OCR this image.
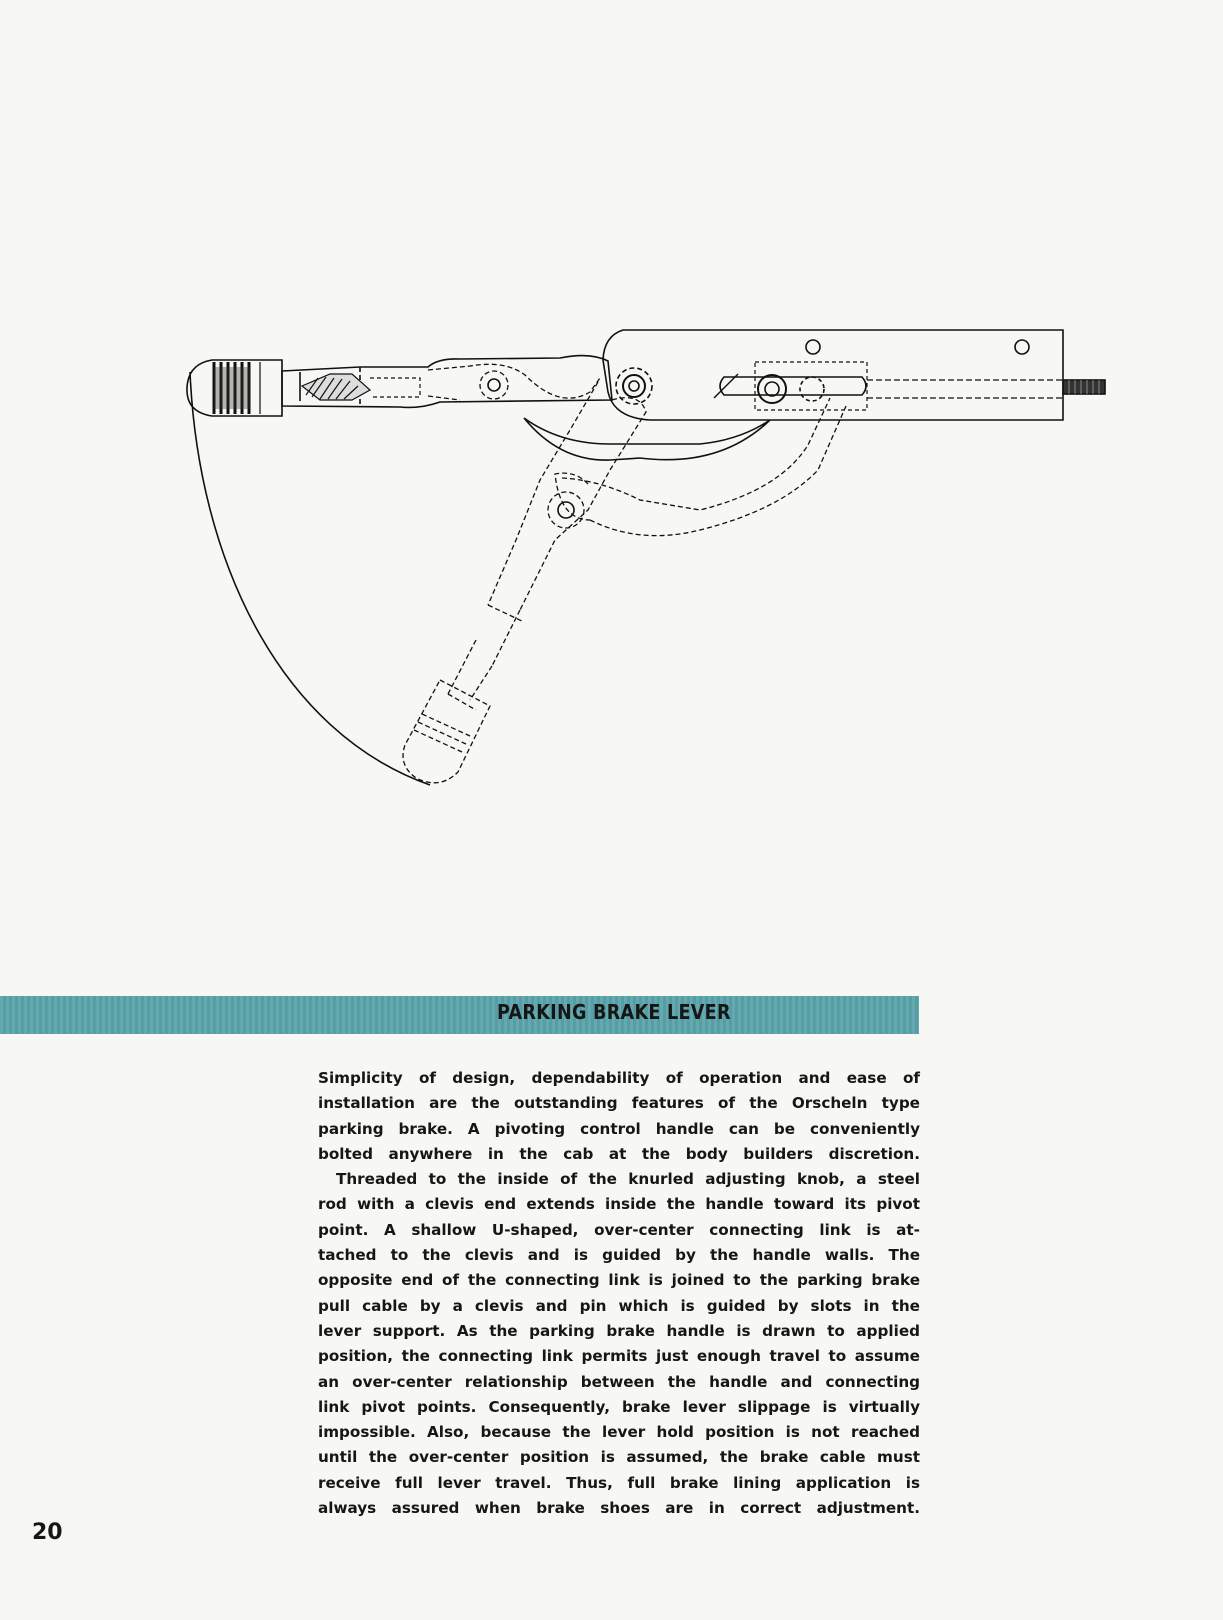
PARKING BRAKE LEVER

Simplicity of design, dependability of operation and ease of

installation are the outstanding features of the Orscheln type

parking brake. A pivoting control handle can be conveniently

bolted anywhere in the cab at the body builders discretion.

Threaded to the inside of the knurled adjusting knob, a steel

rod with a clevis end extends inside the handle toward its pivot

point. A shallow U-shaped, over-center connecting link is at-

tached to the clevis and is guided by the handle walls. The

opposite end of the connecting link is joined to the parking brake

pull cable by a clevis and pin which is guided by slots in the

lever support. As the parking brake handle is drawn to applied

position, the connecting link permits just enough travel to assume

an over-center relationship between the handle and connecting

link pivot points. Consequently, brake lever slippage is virtually

impossible. Also, because the lever hold position is not reached

until the over-center position is assumed, the brake cable must

receive full lever travel. Thus, full brake lining application is

always assured when brake shoes are in correct adjustment.

20
